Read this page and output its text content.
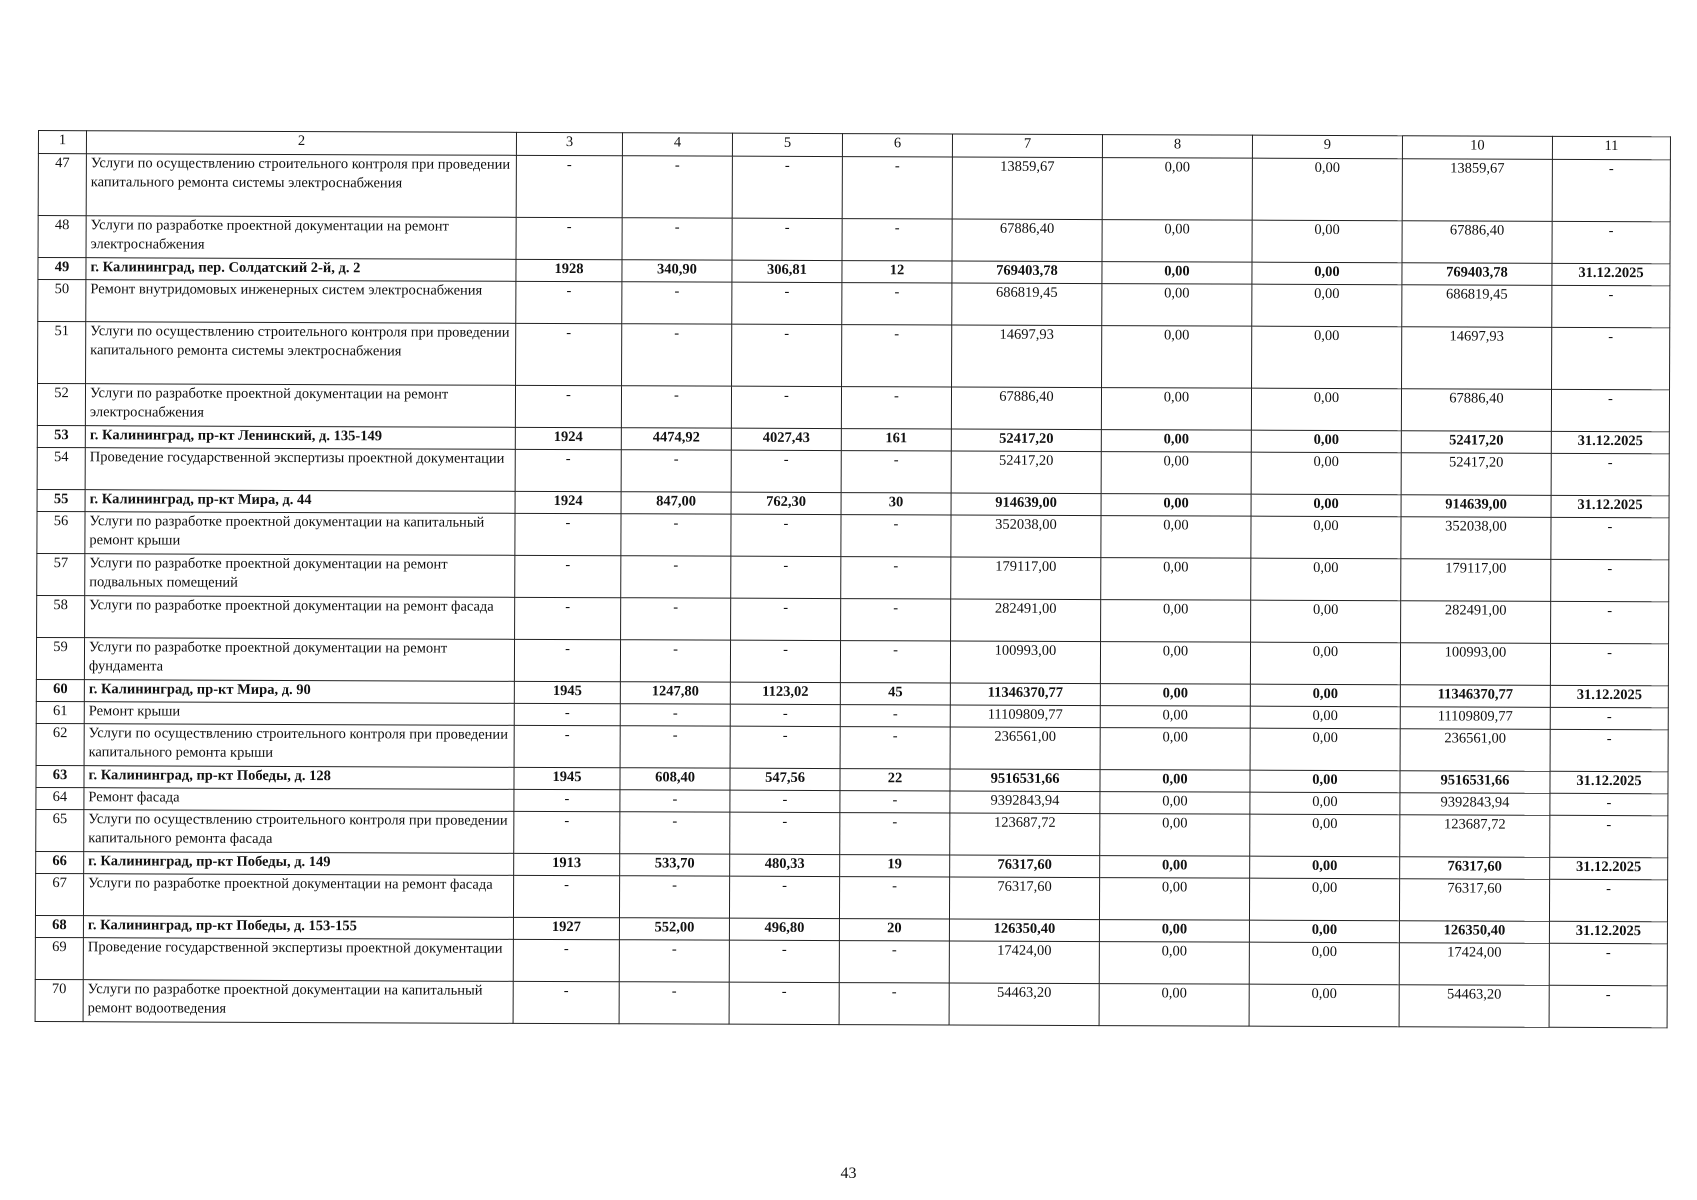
1	2	3	4	5	6	7	8	9	10	11
47	Услуги по осуществлению строительного контроля при проведении капитального ремонта системы электроснабжения	-	-	-	-	13859,67	0,00	0,00	13859,67	-
48	Услуги по разработке проектной документации на ремонт электроснабжения	-	-	-	-	67886,40	0,00	0,00	67886,40	-
49	г. Калининград, пер. Солдатский 2-й, д. 2	1928	340,90	306,81	12	769403,78	0,00	0,00	769403,78	31.12.2025
50	Ремонт внутридомовых инженерных систем электроснабжения	-	-	-	-	686819,45	0,00	0,00	686819,45	-
51	Услуги по осуществлению строительного контроля при проведении капитального ремонта системы электроснабжения	-	-	-	-	14697,93	0,00	0,00	14697,93	-
52	Услуги по разработке проектной документации на ремонт электроснабжения	-	-	-	-	67886,40	0,00	0,00	67886,40	-
53	г. Калининград, пр-кт Ленинский, д. 135-149	1924	4474,92	4027,43	161	52417,20	0,00	0,00	52417,20	31.12.2025
54	Проведение государственной экспертизы проектной документации	-	-	-	-	52417,20	0,00	0,00	52417,20	-
55	г. Калининград, пр-кт Мира, д. 44	1924	847,00	762,30	30	914639,00	0,00	0,00	914639,00	31.12.2025
56	Услуги по разработке проектной документации на капитальный ремонт крыши	-	-	-	-	352038,00	0,00	0,00	352038,00	-
57	Услуги по разработке проектной документации на ремонт подвальных помещений	-	-	-	-	179117,00	0,00	0,00	179117,00	-
58	Услуги по разработке проектной документации на ремонт фасада	-	-	-	-	282491,00	0,00	0,00	282491,00	-
59	Услуги по разработке проектной документации на ремонт фундамента	-	-	-	-	100993,00	0,00	0,00	100993,00	-
60	г. Калининград, пр-кт Мира, д. 90	1945	1247,80	1123,02	45	11346370,77	0,00	0,00	11346370,77	31.12.2025
61	Ремонт крыши	-	-	-	-	11109809,77	0,00	0,00	11109809,77	-
62	Услуги по осуществлению строительного контроля при проведении капитального ремонта крыши	-	-	-	-	236561,00	0,00	0,00	236561,00	-
63	г. Калининград, пр-кт Победы, д. 128	1945	608,40	547,56	22	9516531,66	0,00	0,00	9516531,66	31.12.2025
64	Ремонт фасада	-	-	-	-	9392843,94	0,00	0,00	9392843,94	-
65	Услуги по осуществлению строительного контроля при проведении капитального ремонта фасада	-	-	-	-	123687,72	0,00	0,00	123687,72	-
66	г. Калининград, пр-кт Победы, д. 149	1913	533,70	480,33	19	76317,60	0,00	0,00	76317,60	31.12.2025
67	Услуги по разработке проектной документации на ремонт фасада	-	-	-	-	76317,60	0,00	0,00	76317,60	-
68	г. Калининград, пр-кт Победы, д. 153-155	1927	552,00	496,80	20	126350,40	0,00	0,00	126350,40	31.12.2025
69	Проведение государственной экспертизы проектной документации	-	-	-	-	17424,00	0,00	0,00	17424,00	-
70	Услуги по разработке проектной документации на капитальный ремонт водоотведения	-	-	-	-	54463,20	0,00	0,00	54463,20	-
43
